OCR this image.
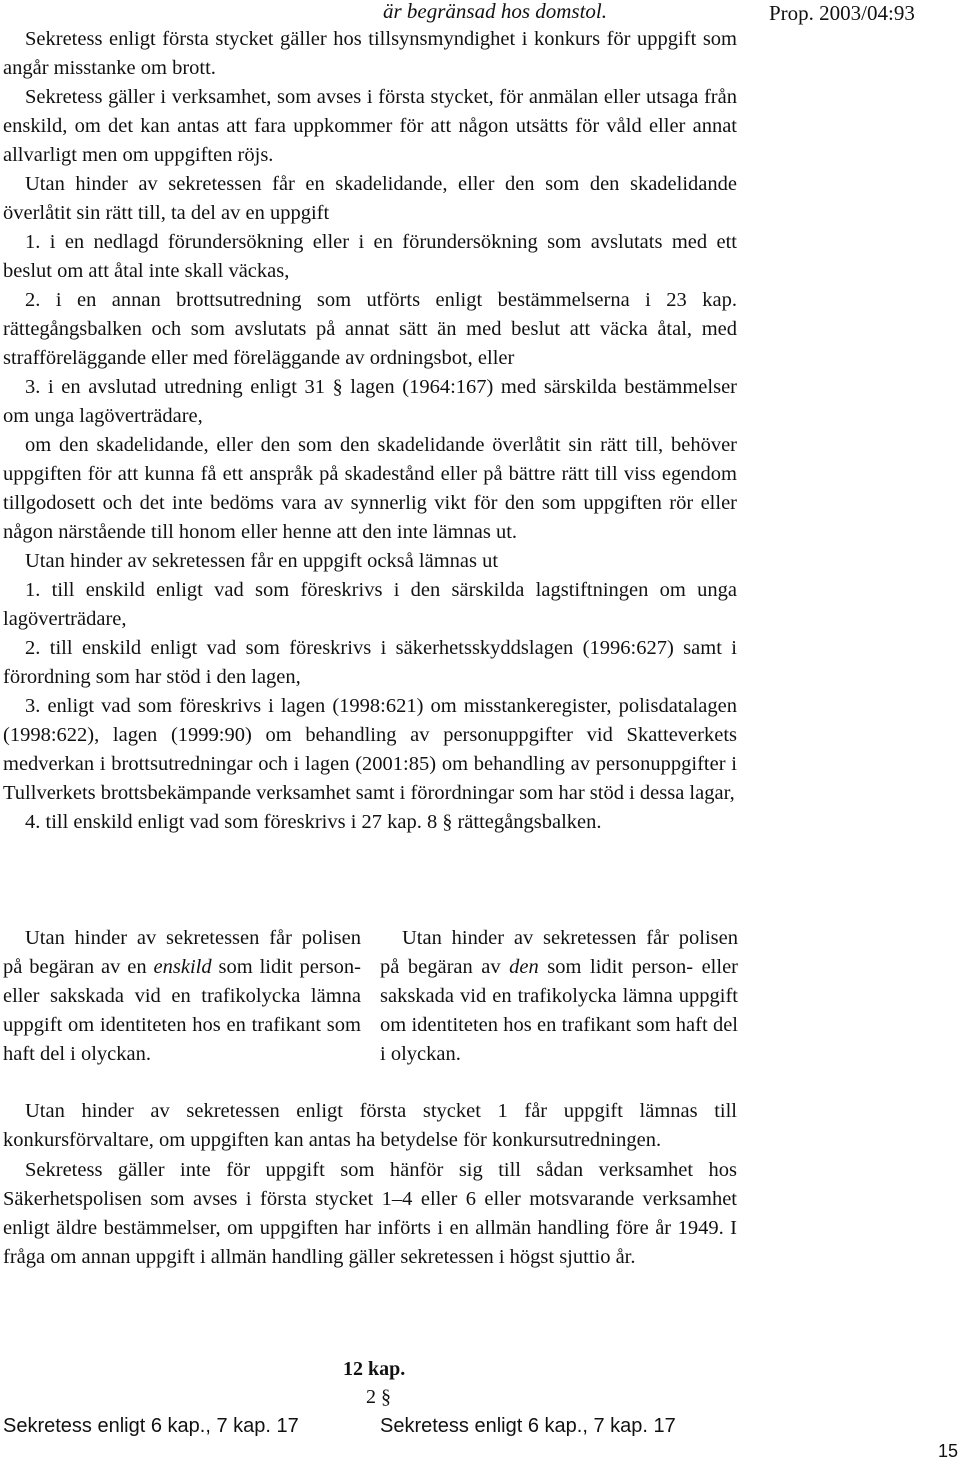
är begränsad hos domstol.	Prop. 2003/04:93

Sekretess enligt första stycket gäller hos tillsynsmyndighet i konkurs för uppgift som angår misstanke om brott.

Sekretess gäller i verksamhet, som avses i första stycket, för anmälan eller utsaga från enskild, om det kan antas att fara uppkommer för att någon utsätts för våld eller annat allvarligt men om uppgiften röjs.

Utan hinder av sekretessen får en skadelidande, eller den som den skadelidande överlåtit sin rätt till, ta del av en uppgift

1. i en nedlagd förundersökning eller i en förundersökning som avslutats med ett beslut om att åtal inte skall väckas,

2. i en annan brottsutredning som utförts enligt bestämmelserna i 23 kap. rättegångsbalken och som avslutats på annat sätt än med beslut att väcka åtal, med strafföreläggande eller med föreläggande av ordningsbot, eller

3. i en avslutad utredning enligt 31 § lagen (1964:167) med särskilda bestämmelser om unga lagöverträdare,

om den skadelidande, eller den som den skadelidande överlåtit sin rätt till, behöver uppgiften för att kunna få ett anspråk på skadestånd eller på bättre rätt till viss egendom tillgodosett och det inte bedöms vara av synnerlig vikt för den som uppgiften rör eller någon närstående till honom eller henne att den inte lämnas ut.

Utan hinder av sekretessen får en uppgift också lämnas ut

1. till enskild enligt vad som föreskrivs i den särskilda lagstiftningen om unga lagöverträdare,

2. till enskild enligt vad som föreskrivs i säkerhetsskyddslagen (1996:627) samt i förordning som har stöd i den lagen,

3. enligt vad som föreskrivs i lagen (1998:621) om misstankeregister, polisdatalagen (1998:622), lagen (1999:90) om behandling av personuppgifter vid Skatteverkets medverkan i brottsutredningar och i lagen (2001:85) om behandling av personuppgifter i Tullverkets brottsbekämpande verksamhet samt i förordningar som har stöd i dessa lagar,

4. till enskild enligt vad som föreskrivs i 27 kap. 8 § rättegångsbalken.

Utan hinder av sekretessen får polisen på begäran av en enskild som lidit person- eller sakskada vid en trafikolycka lämna uppgift om identiteten hos en trafikant som haft del i olyckan.

Utan hinder av sekretessen får polisen på begäran av den som lidit person- eller sakskada vid en trafikolycka lämna uppgift om identiteten hos en trafikant som haft del i olyckan.

Utan hinder av sekretessen enligt första stycket 1 får uppgift lämnas till konkursförvaltare, om uppgiften kan antas ha betydelse för konkursutredningen.

Sekretess gäller inte för uppgift som hänför sig till sådan verksamhet hos Säkerhetspolisen som avses i första stycket 1–4 eller 6 eller motsvarande verksamhet enligt äldre bestämmelser, om uppgiften har införts i en allmän handling före år 1949. I fråga om annan uppgift i allmän handling gäller sekretessen i högst sjuttio år.

12 kap.
2 §
Sekretess enligt 6 kap., 7 kap. 17	Sekretess enligt 6 kap., 7 kap. 17
15
